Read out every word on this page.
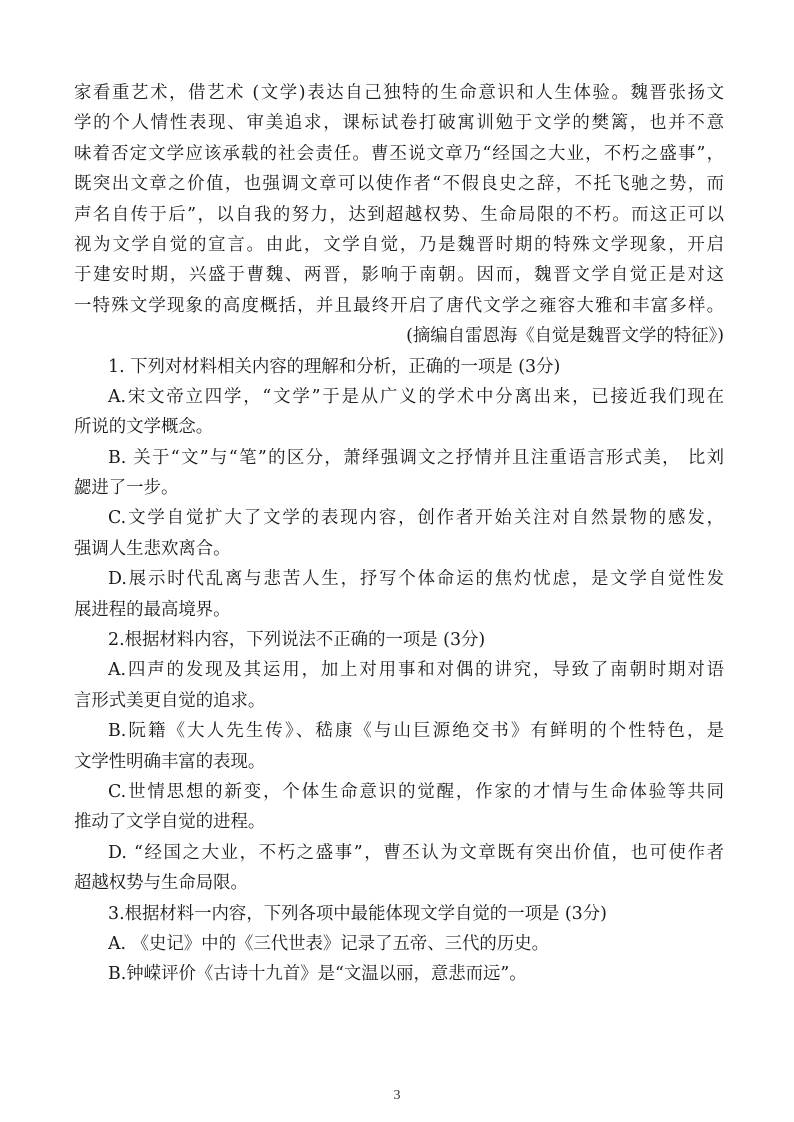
家看重艺术，借艺术 (文学)表达自己独特的生命意识和人生体验。魏晋张扬文
学的个人情性表现、审美追求，课标试卷打破寓训勉于文学的樊篱，也并不意
味着否定文学应该承载的社会责任。曹丕说文章乃“经国之大业，不朽之盛事”，
既突出文章之价值，也强调文章可以使作者“不假良史之辞，不托飞驰之势，而
声名自传于后”，以自我的努力，达到超越权势、生命局限的不朽。而这正可以
视为文学自觉的宣言。由此，文学自觉，乃是魏晋时期的特殊文学现象，开启
于建安时期，兴盛于曹魏、两晋，影响于南朝。因而，魏晋文学自觉正是对这
一特殊文学现象的高度概括，并且最终开启了唐代文学之雍容大雅和丰富多样。
(摘编自雷恩海《自觉是魏晋文学的特征》)
1. 下列对材料相关内容的理解和分析，正确的一项是 (3分)
A.宋文帝立四学，“文学”于是从广义的学术中分离出来，已接近我们现在
所说的文学概念。
B. 关于“文”与“笔”的区分，萧绎强调文之抒情并且注重语言形式美， 比刘
勰进了一步。
C.文学自觉扩大了文学的表现内容，创作者开始关注对自然景物的感发，
强调人生悲欢离合。
D.展示时代乱离与悲苦人生，抒写个体命运的焦灼忧虑，是文学自觉性发
展进程的最高境界。
2.根据材料内容，下列说法不正确的一项是 (3分)
A.四声的发现及其运用，加上对用事和对偶的讲究，导致了南朝时期对语
言形式美更自觉的追求。
B.阮籍《大人先生传》、嵇康《与山巨源绝交书》有鲜明的个性特色，是
文学性明确丰富的表现。
C.世情思想的新变，个体生命意识的觉醒，作家的才情与生命体验等共同
推动了文学自觉的进程。
D. “经国之大业，不朽之盛事”，曹丕认为文章既有突出价值，也可使作者
超越权势与生命局限。
3.根据材料一内容，下列各项中最能体现文学自觉的一项是 (3分)
A. 《史记》中的《三代世表》记录了五帝、三代的历史。
B.钟嵘评价《古诗十九首》是“文温以丽，意悲而远”。
3
